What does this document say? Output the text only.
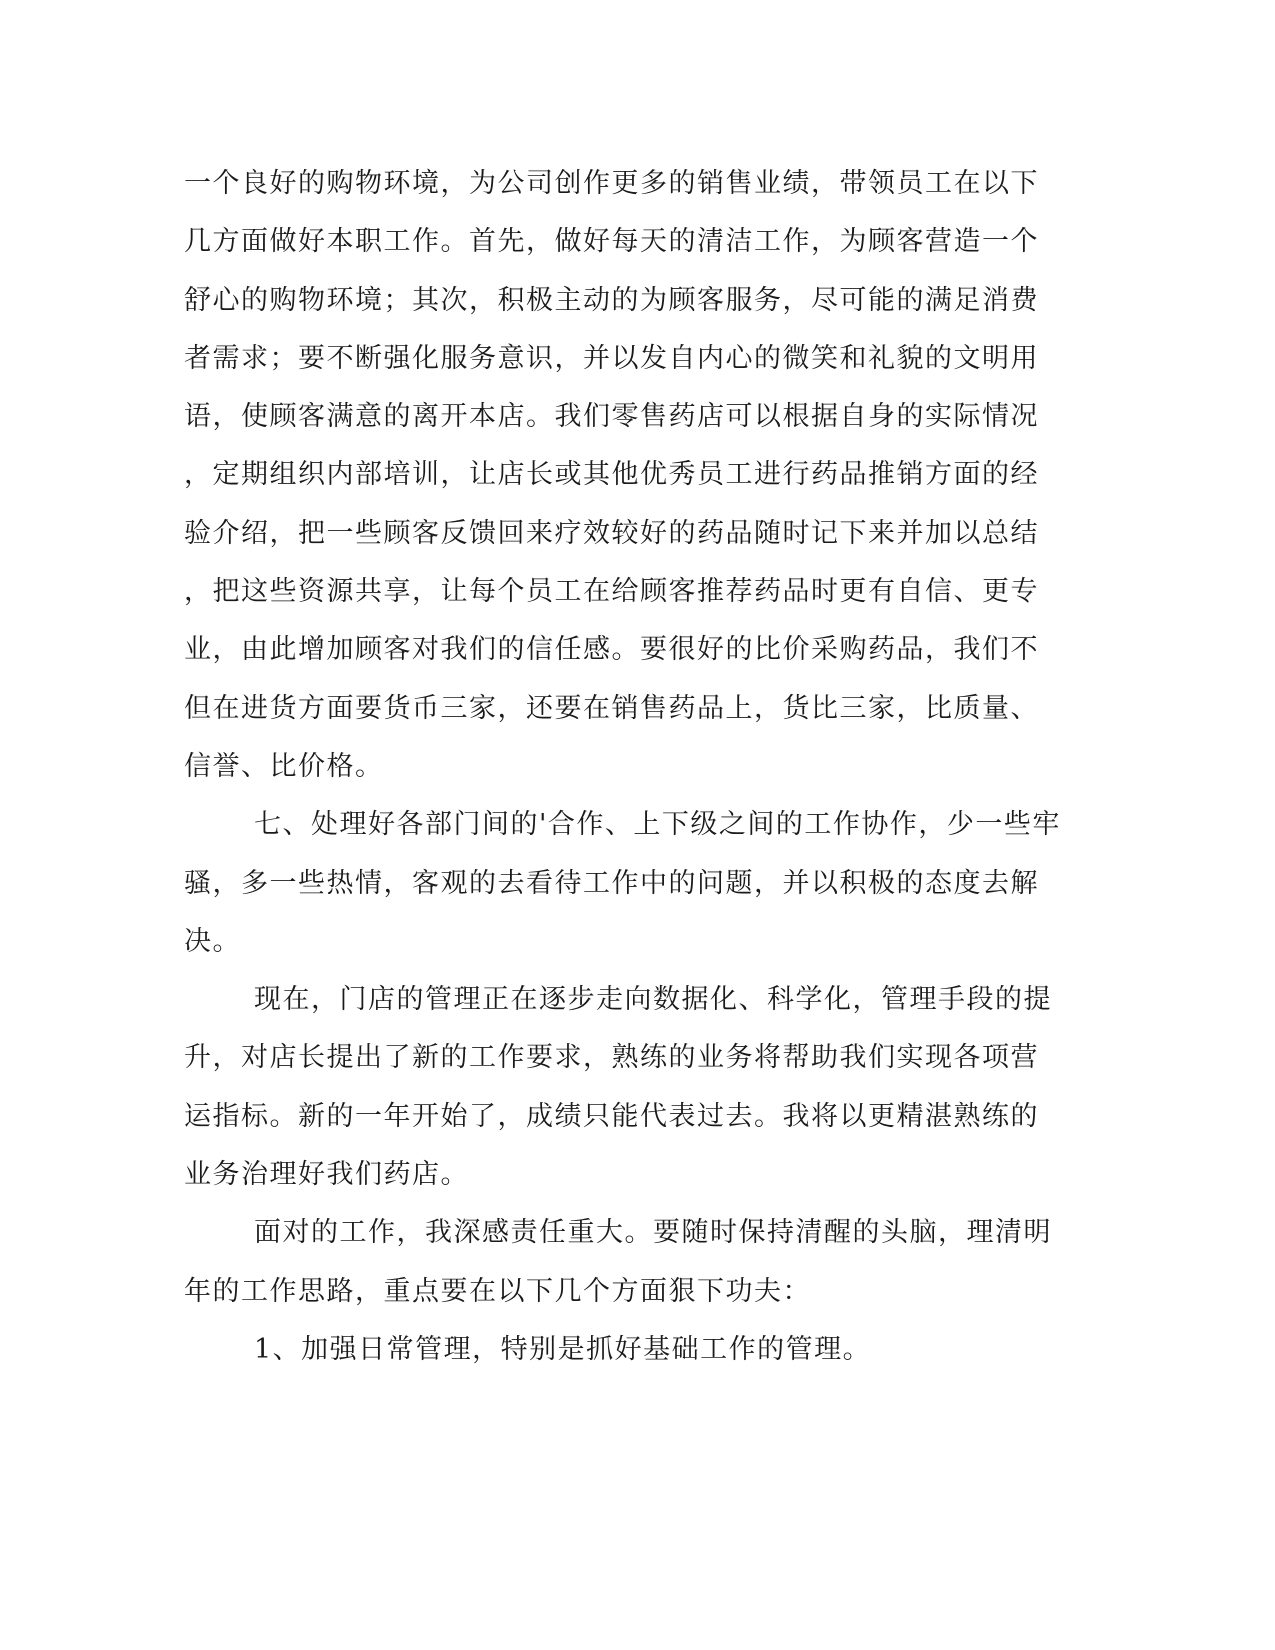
一个良好的购物环境，为公司创作更多的销售业绩，带领员工在以下
几方面做好本职工作。首先，做好每天的清洁工作，为顾客营造一个
舒心的购物环境；其次，积极主动的为顾客服务，尽可能的满足消费
者需求；要不断强化服务意识，并以发自内心的微笑和礼貌的文明用
语，使顾客满意的离开本店。我们零售药店可以根据自身的实际情况
，定期组织内部培训，让店长或其他优秀员工进行药品推销方面的经
验介绍，把一些顾客反馈回来疗效较好的药品随时记下来并加以总结
，把这些资源共享，让每个员工在给顾客推荐药品时更有自信、更专
业，由此增加顾客对我们的信任感。要很好的比价采购药品，我们不
但在进货方面要货币三家，还要在销售药品上，货比三家，比质量、
信誉、比价格。
七、处理好各部门间的'合作、上下级之间的工作协作，少一些牢
骚，多一些热情，客观的去看待工作中的问题，并以积极的态度去解
决。
现在，门店的管理正在逐步走向数据化、科学化，管理手段的提
升，对店长提出了新的工作要求，熟练的业务将帮助我们实现各项营
运指标。新的一年开始了，成绩只能代表过去。我将以更精湛熟练的
业务治理好我们药店。
面对的工作，我深感责任重大。要随时保持清醒的头脑，理清明
年的工作思路，重点要在以下几个方面狠下功夫：
1、加强日常管理，特别是抓好基础工作的管理。
